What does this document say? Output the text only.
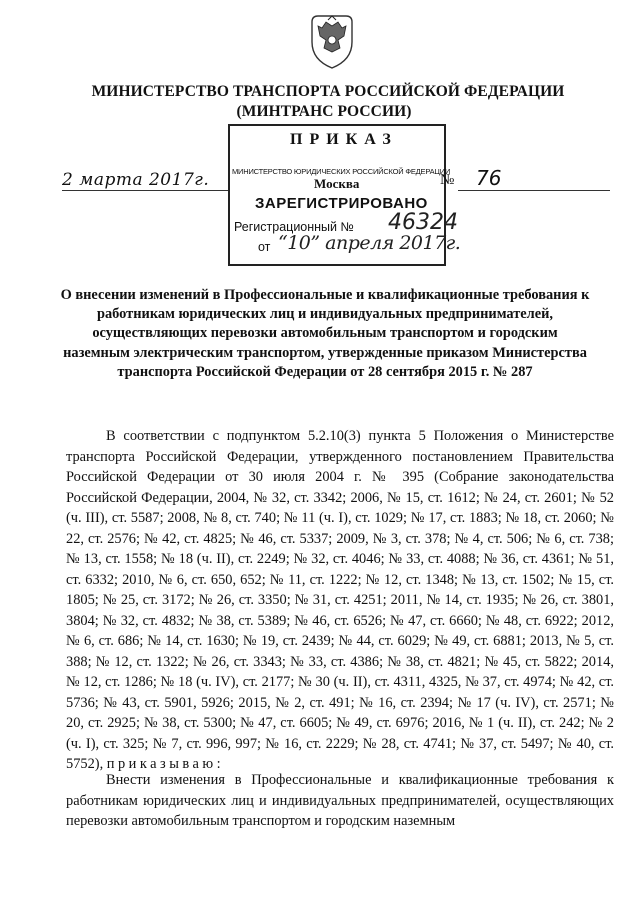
МИНИСТЕРСТВО ТРАНСПОРТА РОССИЙСКОЙ ФЕДЕРАЦИИ
(МИНТРАНС РОССИИ)
ПРИКАЗ
МИНИСТЕРСТВО ЮРИДИЧЕСКИХ РОССИЙСКОЙ ФЕДЕРАЦИИ
Москва
ЗАРЕГИСТРИРОВАНО
Регистрационный № 46324
от “10” апреля 2017г.
2 марта 2017г.	№ 76
О внесении изменений в Профессиональные и квалификационные требования к работникам юридических лиц и индивидуальных предпринимателей, осуществляющих перевозки автомобильным транспортом и городским наземным электрическим транспортом, утвержденные приказом Министерства транспорта Российской Федерации от 28 сентября 2015 г. № 287
В соответствии с подпунктом 5.2.10(3) пункта 5 Положения о Министерстве транспорта Российской Федерации, утвержденного постановлением Правительства Российской Федерации от 30 июля 2004 г. № 395 (Собрание законодательства Российской Федерации, 2004, № 32, ст. 3342; 2006, № 15, ст. 1612; № 24, ст. 2601; № 52 (ч. III), ст. 5587; 2008, № 8, ст. 740; № 11 (ч. I), ст. 1029; № 17, ст. 1883; № 18, ст. 2060; № 22, ст. 2576; № 42, ст. 4825; № 46, ст. 5337; 2009, № 3, ст. 378; № 4, ст. 506; № 6, ст. 738; № 13, ст. 1558; № 18 (ч. II), ст. 2249; № 32, ст. 4046; № 33, ст. 4088; № 36, ст. 4361; № 51, ст. 6332; 2010, № 6, ст. 650, 652; № 11, ст. 1222; № 12, ст. 1348; № 13, ст. 1502; № 15, ст. 1805; № 25, ст. 3172; № 26, ст. 3350; № 31, ст. 4251; 2011, № 14, ст. 1935; № 26, ст. 3801, 3804; № 32, ст. 4832; № 38, ст. 5389; № 46, ст. 6526; № 47, ст. 6660; № 48, ст. 6922; 2012, № 6, ст. 686; № 14, ст. 1630; № 19, ст. 2439; № 44, ст. 6029; № 49, ст. 6881; 2013, № 5, ст. 388; № 12, ст. 1322; № 26, ст. 3343; № 33, ст. 4386; № 38, ст. 4821; № 45, ст. 5822; 2014, № 12, ст. 1286; № 18 (ч. IV), ст. 2177; № 30 (ч. II), ст. 4311, 4325, № 37, ст. 4974; № 42, ст. 5736; № 43, ст. 5901, 5926; 2015, № 2, ст. 491; № 16, ст. 2394; № 17 (ч. IV), ст. 2571; № 20, ст. 2925; № 38, ст. 5300; № 47, ст. 6605; № 49, ст. 6976; 2016, № 1 (ч. II), ст. 242; № 2 (ч. I), ст. 325; № 7, ст. 996, 997; № 16, ст. 2229; № 28, ст. 4741; № 37, ст. 5497; № 40, ст. 5752), приказываю:
Внести изменения в Профессиональные и квалификационные требования к работникам юридических лиц и индивидуальных предпринимателей, осуществляющих перевозки автомобильным транспортом и городским наземным
